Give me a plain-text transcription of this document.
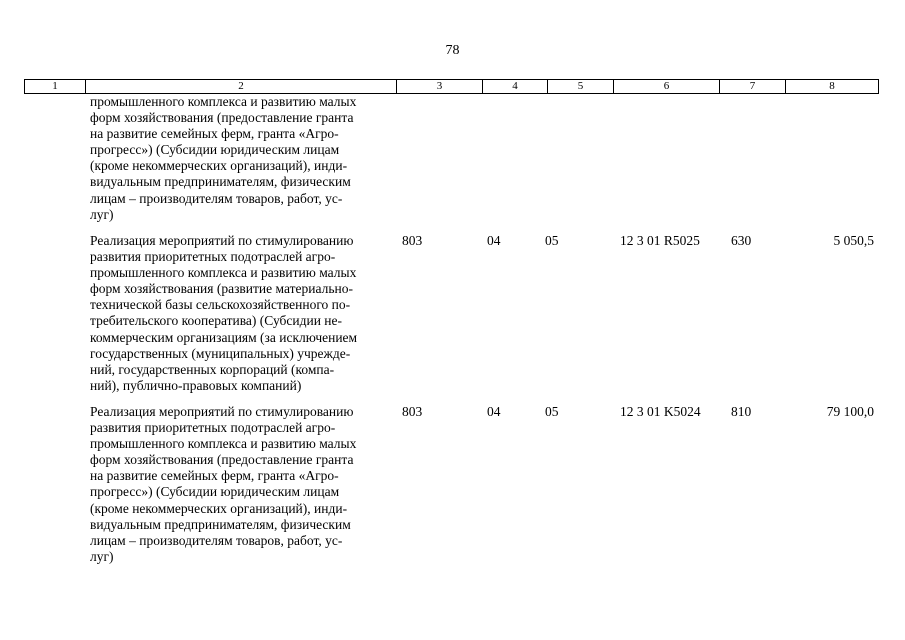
78
1	2	3	4	5	6	7	8
промышленного комплекса и развитию малых
форм хозяйствования (предоставление гранта
на развитие семейных ферм, гранта «Агро-
прогресс») (Субсидии юридическим лицам
(кроме некоммерческих организаций), инди-
видуальным предпринимателям, физическим
лицам – производителям товаров, работ, ус-
луг)
Реализация мероприятий по стимулированию
развития приоритетных подотраслей агро-
промышленного комплекса и развитию малых
форм хозяйствования (развитие материально-
технической базы сельскохозяйственного по-
требительского кооператива) (Субсидии не-
коммерческим организациям (за исключением
государственных (муниципальных) учрежде-
ний, государственных корпораций (компа-
ний), публично-правовых компаний)
803	04	05	12 3 01 R5025 630	5 050,5
Реализация мероприятий по стимулированию
развития приоритетных подотраслей агро-
промышленного комплекса и развитию малых
форм хозяйствования (предоставление гранта
на развитие семейных ферм, гранта «Агро-
прогресс») (Субсидии юридическим лицам
(кроме некоммерческих организаций), инди-
видуальным предпринимателям, физическим
лицам – производителям товаров, работ, ус-
луг)
803	04	05	12 3 01 K5024 810	79 100,0
